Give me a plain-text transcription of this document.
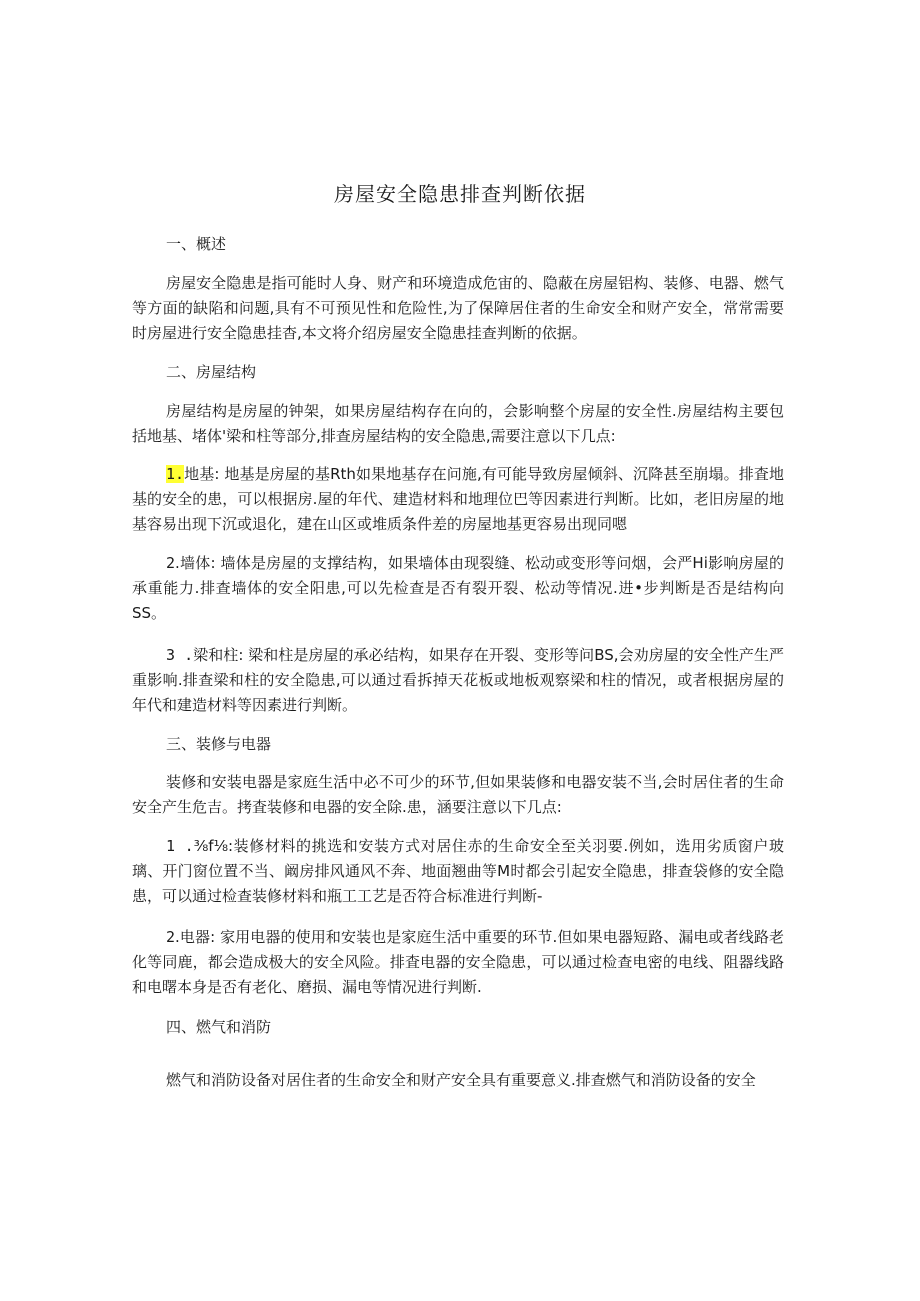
房屋安全隐患排查判断依据
一、概述

房屋安全隐患是指可能时人身、财产和环境造成危宙的、隐蔽在房屋铝构、装修、电器、燃气等方面的缺陷和问题,具有不可预见性和危险性,为了保障居住者的生命安全和财产安全，常常需要时房屋进行安全隐患挂杳,本文将介绍房屋安全隐患挂查判断的依据。

二、房屋结构

房屋结构是房屋的钟架，如果房屋结构存在向的，会影响整个房屋的安全性.房屋结构主要包括地基、堵体'梁和柱等部分,排查房屋结构的安全隐患,需要注意以下几点:

1.地基: 地基是房屋的基Rth如果地基存在问施,有可能导致房屋倾斜、沉降甚至崩塌。排査地基的安全的患，可以根据房.屋的年代、建造材料和地理位巴等因素进行判断。比如，老旧房屋的地基容易出现下沉或退化，建在山区或堆质条件差的房屋地基更容易出现同嗯

2.墙体: 墙体是房屋的支撑结构，如果墙体由现裂缝、松动或变形等问烟，会严Hi影响房屋的承重能力.排查墙体的安全阳患,可以先检查是否有裂开裂、松动等情况.进•步判断是否是结构向SS。

3 .梁和柱: 梁和柱是房屋的承必结构，如果存在开裂、变形等问BS,会劝房屋的安全性产生严重影响.排查梁和柱的安全隐患,可以通过看拆掉天花板或地板观察梁和柱的情况，或者根据房屋的年代和建造材料等因素进行判断。

三、装修与电器

装修和安装电器是家庭生活中必不可少的环节,但如果装修和电器安装不当,会时居住者的生命安全产生危吉。拷査装修和电器的安全除.患，涵要注意以下几点:

1 .⅜f⅛:装修材料的挑选和安装方式对居住赤的生命安全至关羽要.例如，选用劣质窗户玻璃、开门窗位置不当、阚房排风通风不奔、地面翘曲等M时都会引起安全隐患，排查袋修的安全隐患，可以通过检查装修材料和瓶工工艺是否符合标准进行判断-

2.电器: 家用电器的使用和安装也是家庭生活中重要的环节.但如果电器短路、漏电或者线路老化等同鹿，都会造成极大的安全风险。排査电器的安全隐患，可以通过检查电密的电线、阻器线路和电曙本身是否有老化、磨损、漏电等情况进行判断.

四、燃气和消防

燃气和消防设备对居住者的生命安全和财产安全具有重要意义.排查燃气和消防设备的安全
